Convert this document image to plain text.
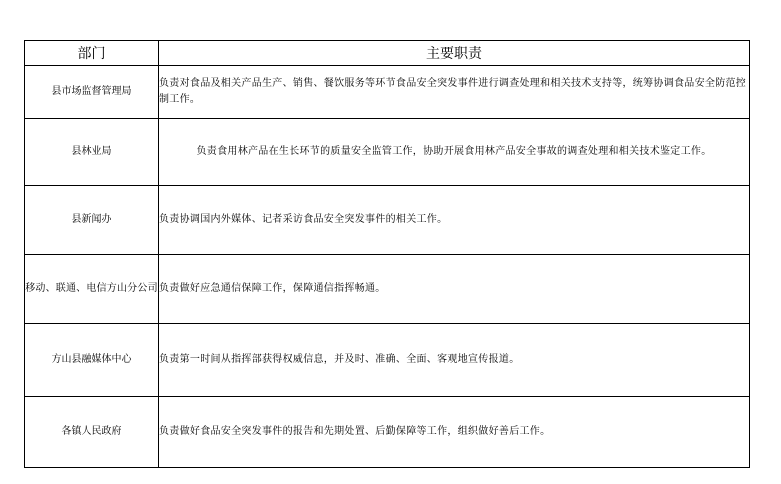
部门	主要职责
县市场监督管理局	负责对食品及相关产品生产、销售、餐饮服务等环节食品安全突发事件进行调查处理和相关技术支持等，统筹协调食品安全防范控制工作。
县林业局	负责食用林产品在生长环节的质量安全监管工作，协助开展食用林产品安全事故的调查处理和相关技术鉴定工作。
县新闻办	负责协调国内外媒体、记者采访食品安全突发事件的相关工作。
移动、联通、电信方山分公司	负责做好应急通信保障工作，保障通信指挥畅通。
方山县融媒体中心	负责第一时间从指挥部获得权威信息，并及时、准确、全面、客观地宣传报道。
各镇人民政府	负责做好食品安全突发事件的报告和先期处置、后勤保障等工作，组织做好善后工作。
